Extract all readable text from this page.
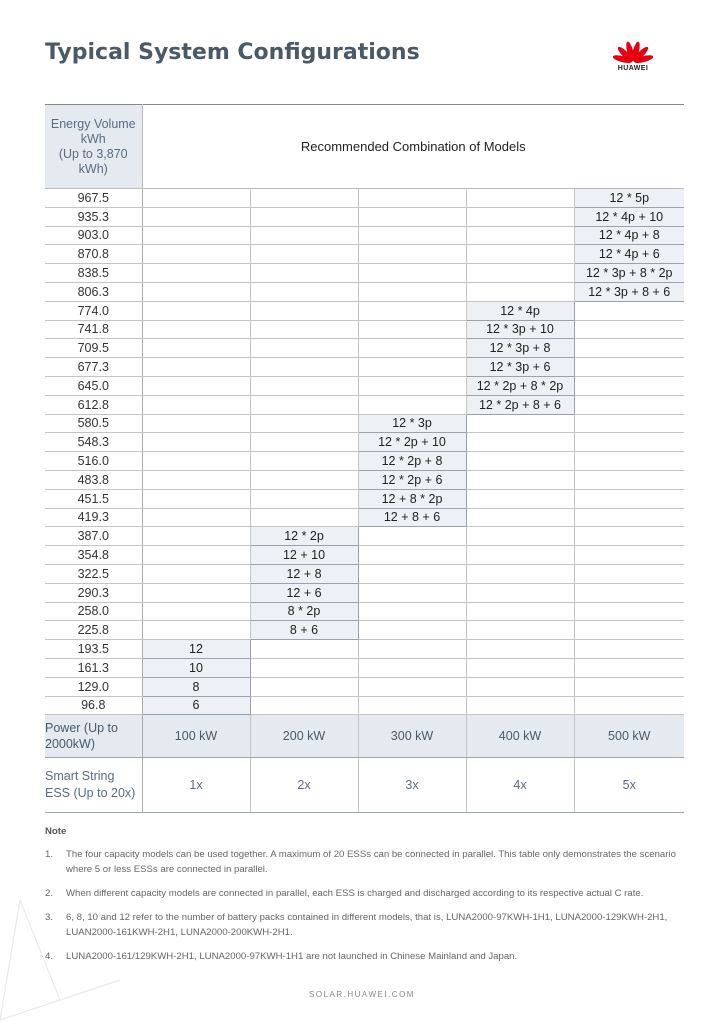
Typical System Configurations
HUAWEI
Energy Volume
kWh
(Up to 3,870
kWh)	Recommended Combination of Models				
967.5					12 * 5p
935.3					12 * 4p + 10
903.0					12 * 4p + 8
870.8					12 * 4p + 6
838.5					12 * 3p + 8 * 2p
806.3					12 * 3p + 8 + 6
774.0				12 * 4p	
741.8				12 * 3p + 10	
709.5				12 * 3p + 8	
677.3				12 * 3p + 6	
645.0				12 * 2p + 8 * 2p	
612.8				12 * 2p + 8 + 6	
580.5			12 * 3p		
548.3			12 * 2p + 10		
516.0			12 * 2p + 8		
483.8			12 * 2p + 6		
451.5			12 + 8 * 2p		
419.3			12 + 8 + 6		
387.0		12 * 2p			
354.8		12 + 10			
322.5		12 + 8			
290.3		12 + 6			
258.0		8 * 2p			
225.8		8 + 6			
193.5	12				
161.3	10				
129.0	8				
96.8	6				

Power (Up to
2000kW)	100 kW	200 kW	300 kW	400 kW	500 kW

Smart String
ESS (Up to 20x)	1x	2x	3x	4x	5x
Note
1.	The four capacity models can be used together. A maximum of 20 ESSs can be connected in parallel. This table only demonstrates the scenario where 5 or less ESSs are connected in parallel.
2.	When different capacity models are connected in parallel, each ESS is charged and discharged according to its respective actual C rate.
3.	6, 8, 10 and 12 refer to the number of battery packs contained in different models, that is, LUNA2000-97KWH-1H1, LUNA2000-129KWH-2H1, LUAN2000-161KWH-2H1, LUNA2000-200KWH-2H1.
4.	LUNA2000-161/129KWH-2H1, LUNA2000-97KWH-1H1 are not launched in Chinese Mainland and Japan.
SOLAR.HUAWEI.COM
